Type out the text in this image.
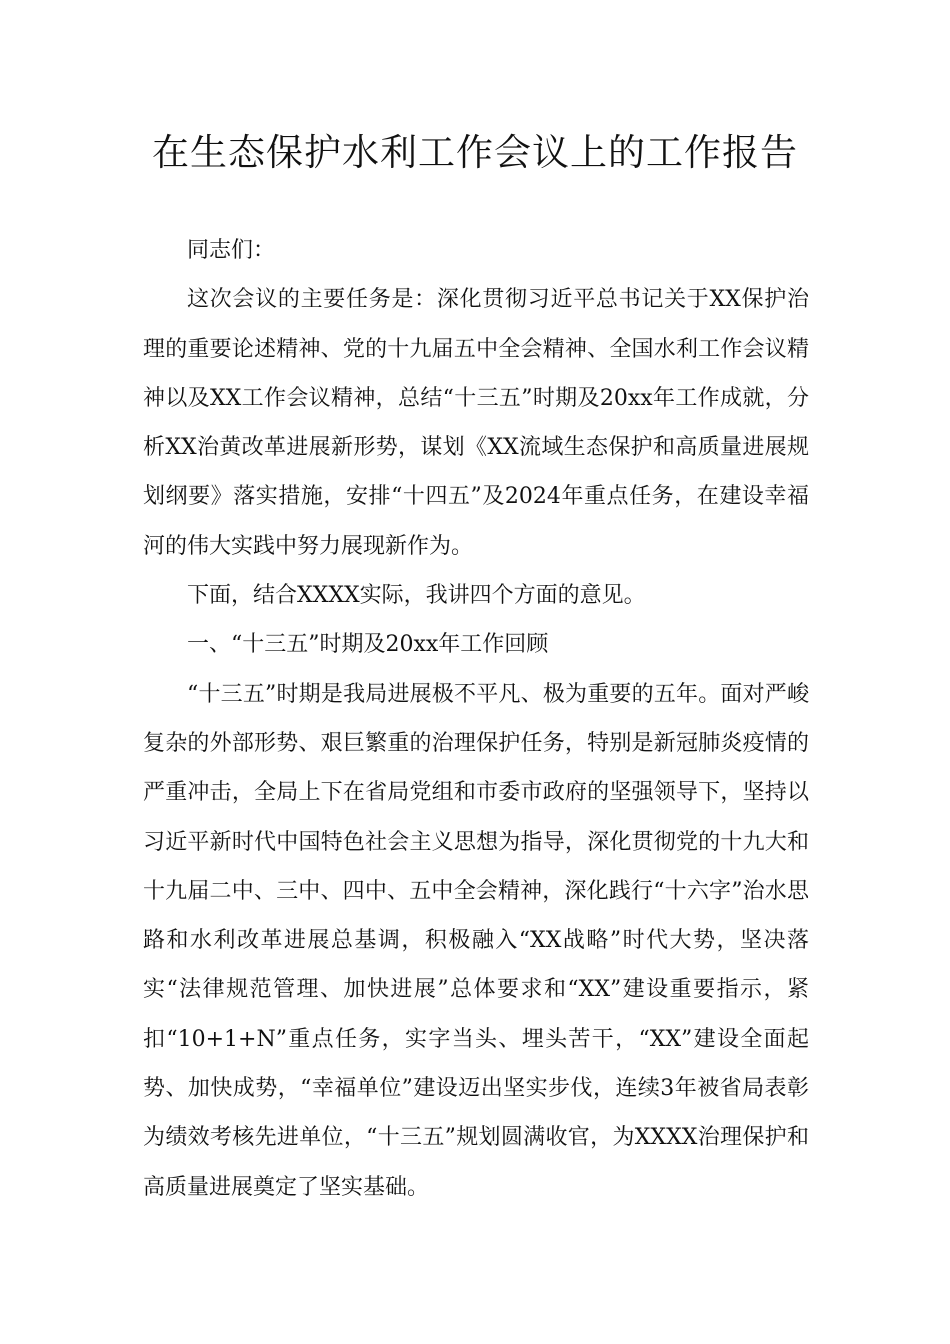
在生态保护水利工作会议上的工作报告

同志们：

这次会议的主要任务是：深化贯彻习近平总书记关于XX保护治理的重要论述精神、党的十九届五中全会精神、全国水利工作会议精神以及XX工作会议精神，总结“十三五”时期及20xx年工作成就，分析XX治黄改革进展新形势，谋划《XX流域生态保护和高质量进展规划纲要》落实措施，安排“十四五”及2024年重点任务，在建设幸福河的伟大实践中努力展现新作为。

下面，结合XXXX实际，我讲四个方面的意见。

一、“十三五”时期及20xx年工作回顾

“十三五”时期是我局进展极不平凡、极为重要的五年。面对严峻复杂的外部形势、艰巨繁重的治理保护任务，特别是新冠肺炎疫情的严重冲击，全局上下在省局党组和市委市政府的坚强领导下，坚持以习近平新时代中国特色社会主义思想为指导，深化贯彻党的十九大和十九届二中、三中、四中、五中全会精神，深化践行“十六字”治水思路和水利改革进展总基调，积极融入“XX战略”时代大势，坚决落实“法律规范管理、加快进展”总体要求和“XX”建设重要指示，紧扣“10+1+N”重点任务，实字当头、埋头苦干，“XX”建设全面起势、加快成势，“幸福单位”建设迈出坚实步伐，连续3年被省局表彰为绩效考核先进单位，“十三五”规划圆满收官，为XXXX治理保护和高质量进展奠定了坚实基础。
